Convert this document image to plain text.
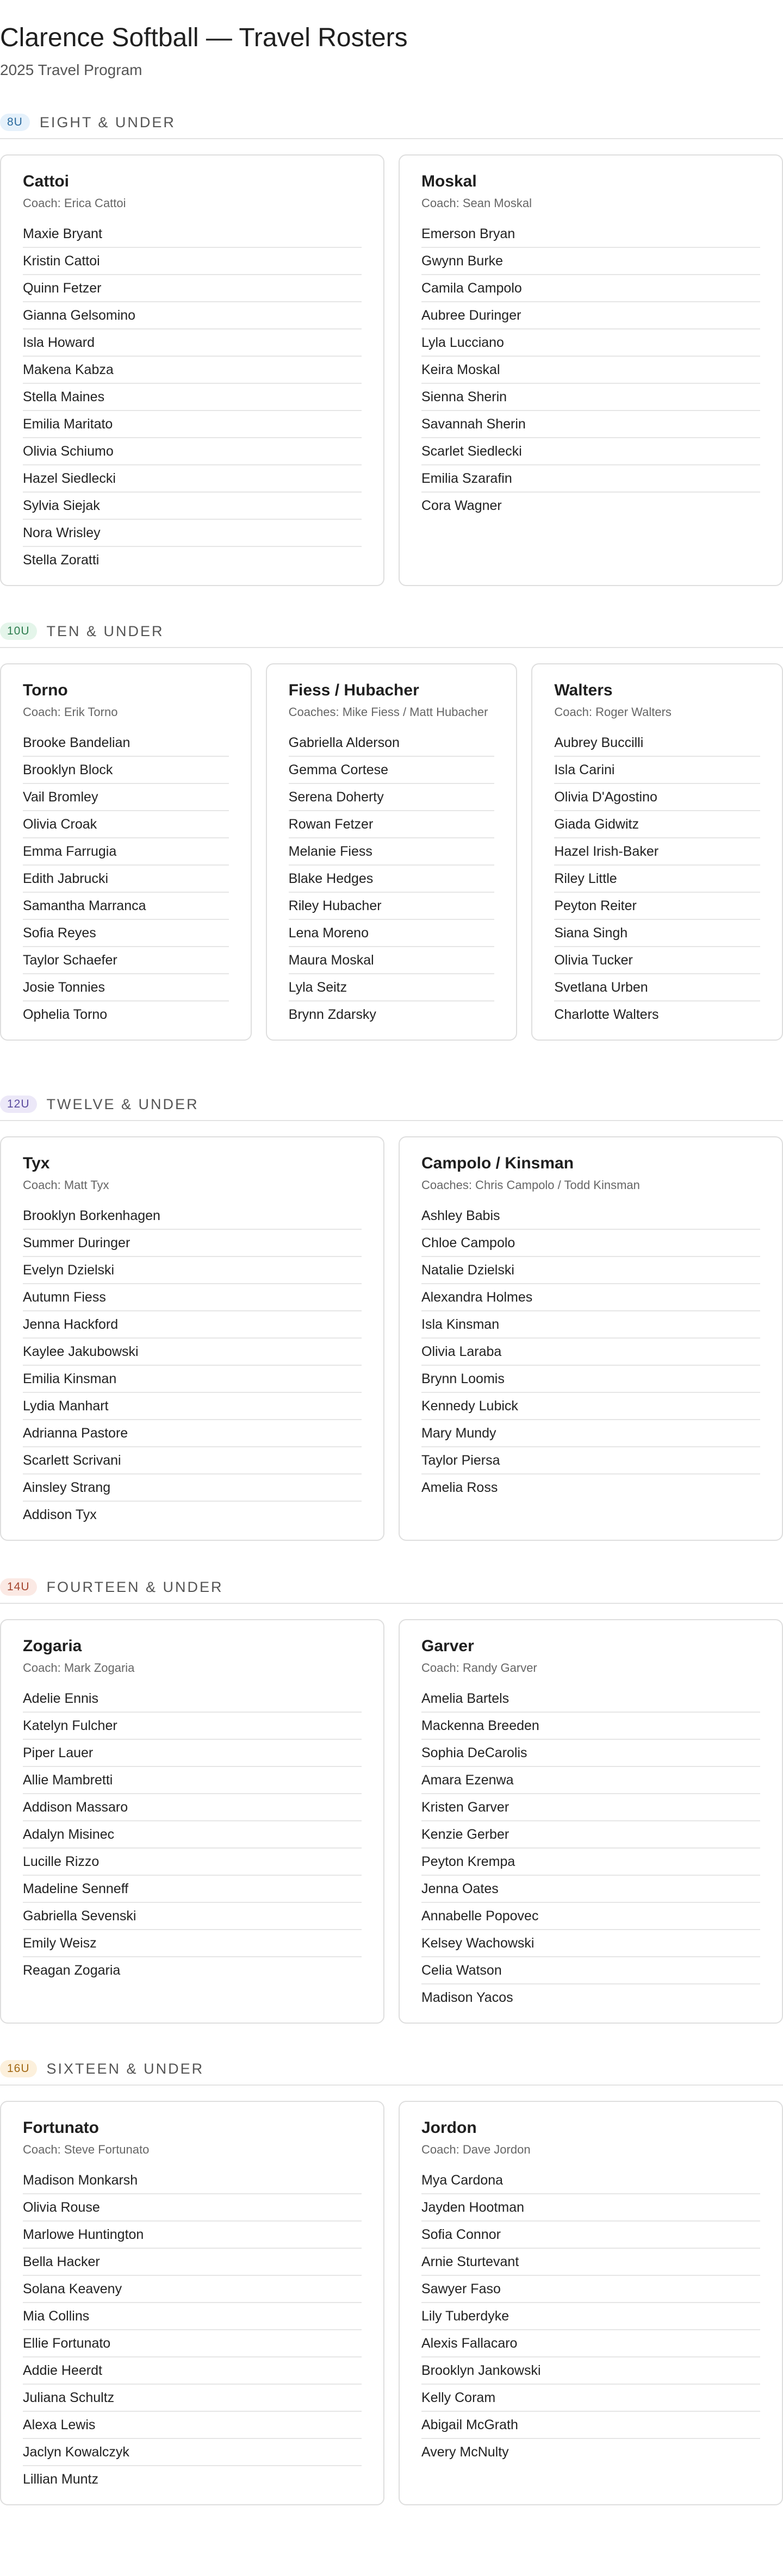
Clarence Softball — Travel Rosters
2025 Travel Program
8U	EIGHT & UNDER
Cattoi
Coach: Erica Cattoi
Maxie Bryant
Kristin Cattoi
Quinn Fetzer
Gianna Gelsomino
Isla Howard
Makena Kabza
Stella Maines
Emilia Maritato
Olivia Schiumo
Hazel Siedlecki
Sylvia Siejak
Nora Wrisley
Stella Zoratti
Moskal
Coach: Sean Moskal
Emerson Bryan
Gwynn Burke
Camila Campolo
Aubree Duringer
Lyla Lucciano
Keira Moskal
Sienna Sherin
Savannah Sherin
Scarlet Siedlecki
Emilia Szarafin
Cora Wagner
10U	TEN & UNDER
Torno
Coach: Erik Torno
Brooke Bandelian
Brooklyn Block
Vail Bromley
Olivia Croak
Emma Farrugia
Edith Jabrucki
Samantha Marranca
Sofia Reyes
Taylor Schaefer
Josie Tonnies
Ophelia Torno
Fiess / Hubacher
Coaches: Mike Fiess / Matt Hubacher
Gabriella Alderson
Gemma Cortese
Serena Doherty
Rowan Fetzer
Melanie Fiess
Blake Hedges
Riley Hubacher
Lena Moreno
Maura Moskal
Lyla Seitz
Brynn Zdarsky
Walters
Coach: Roger Walters
Aubrey Buccilli
Isla Carini
Olivia D'Agostino
Giada Gidwitz
Hazel Irish-Baker
Riley Little
Peyton Reiter
Siana Singh
Olivia Tucker
Svetlana Urben
Charlotte Walters
12U	TWELVE & UNDER
Tyx
Coach: Matt Tyx
Brooklyn Borkenhagen
Summer Duringer
Evelyn Dzielski
Autumn Fiess
Jenna Hackford
Kaylee Jakubowski
Emilia Kinsman
Lydia Manhart
Adrianna Pastore
Scarlett Scrivani
Ainsley Strang
Addison Tyx
Campolo / Kinsman
Coaches: Chris Campolo / Todd Kinsman
Ashley Babis
Chloe Campolo
Natalie Dzielski
Alexandra Holmes
Isla Kinsman
Olivia Laraba
Brynn Loomis
Kennedy Lubick
Mary Mundy
Taylor Piersa
Amelia Ross
14U	FOURTEEN & UNDER
Zogaria
Coach: Mark Zogaria
Adelie Ennis
Katelyn Fulcher
Piper Lauer
Allie Mambretti
Addison Massaro
Adalyn Misinec
Lucille Rizzo
Madeline Senneff
Gabriella Sevenski
Emily Weisz
Reagan Zogaria
Garver
Coach: Randy Garver
Amelia Bartels
Mackenna Breeden
Sophia DeCarolis
Amara Ezenwa
Kristen Garver
Kenzie Gerber
Peyton Krempa
Jenna Oates
Annabelle Popovec
Kelsey Wachowski
Celia Watson
Madison Yacos
16U	SIXTEEN & UNDER
Fortunato
Coach: Steve Fortunato
Madison Monkarsh
Olivia Rouse
Marlowe Huntington
Bella Hacker
Solana Keaveny
Mia Collins
Ellie Fortunato
Addie Heerdt
Juliana Schultz
Alexa Lewis
Jaclyn Kowalczyk
Lillian Muntz
Jordon
Coach: Dave Jordon
Mya Cardona
Jayden Hootman
Sofia Connor
Arnie Sturtevant
Sawyer Faso
Lily Tuberdyke
Alexis Fallacaro
Brooklyn Jankowski
Kelly Coram
Abigail McGrath
Avery McNulty
